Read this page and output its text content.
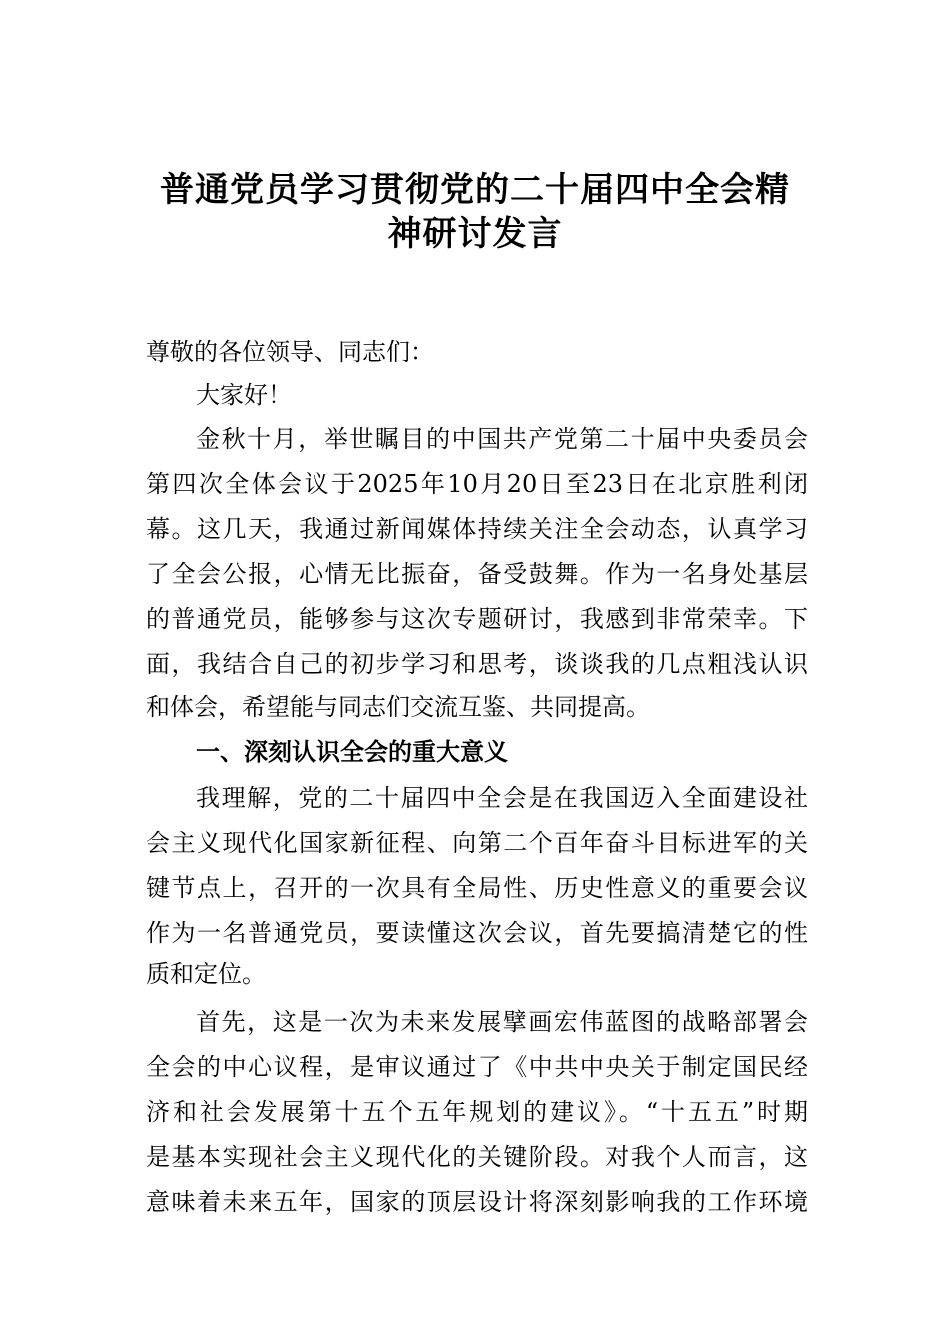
普通党员学习贯彻党的二十届四中全会精
神研讨发言
尊敬的各位领导、同志们：
大家好！
金秋十月，举世瞩目的中国共产党第二十届中央委员会
第四次全体会议于2025年10月20日至23日在北京胜利闭
幕。这几天，我通过新闻媒体持续关注全会动态，认真学习
了全会公报，心情无比振奋，备受鼓舞。作为一名身处基层
的普通党员，能够参与这次专题研讨，我感到非常荣幸。下
面，我结合自己的初步学习和思考，谈谈我的几点粗浅认识
和体会，希望能与同志们交流互鉴、共同提高。
一、深刻认识全会的重大意义
我理解，党的二十届四中全会是在我国迈入全面建设社
会主义现代化国家新征程、向第二个百年奋斗目标进军的关
键节点上，召开的一次具有全局性、历史性意义的重要会议
作为一名普通党员，要读懂这次会议，首先要搞清楚它的性
质和定位。
首先，这是一次为未来发展擘画宏伟蓝图的战略部署会
全会的中心议程，是审议通过了《中共中央关于制定国民经
济和社会发展第十五个五年规划的建议》。“十五五”时期
是基本实现社会主义现代化的关键阶段。对我个人而言，这
意味着未来五年，国家的顶层设计将深刻影响我的工作环境
